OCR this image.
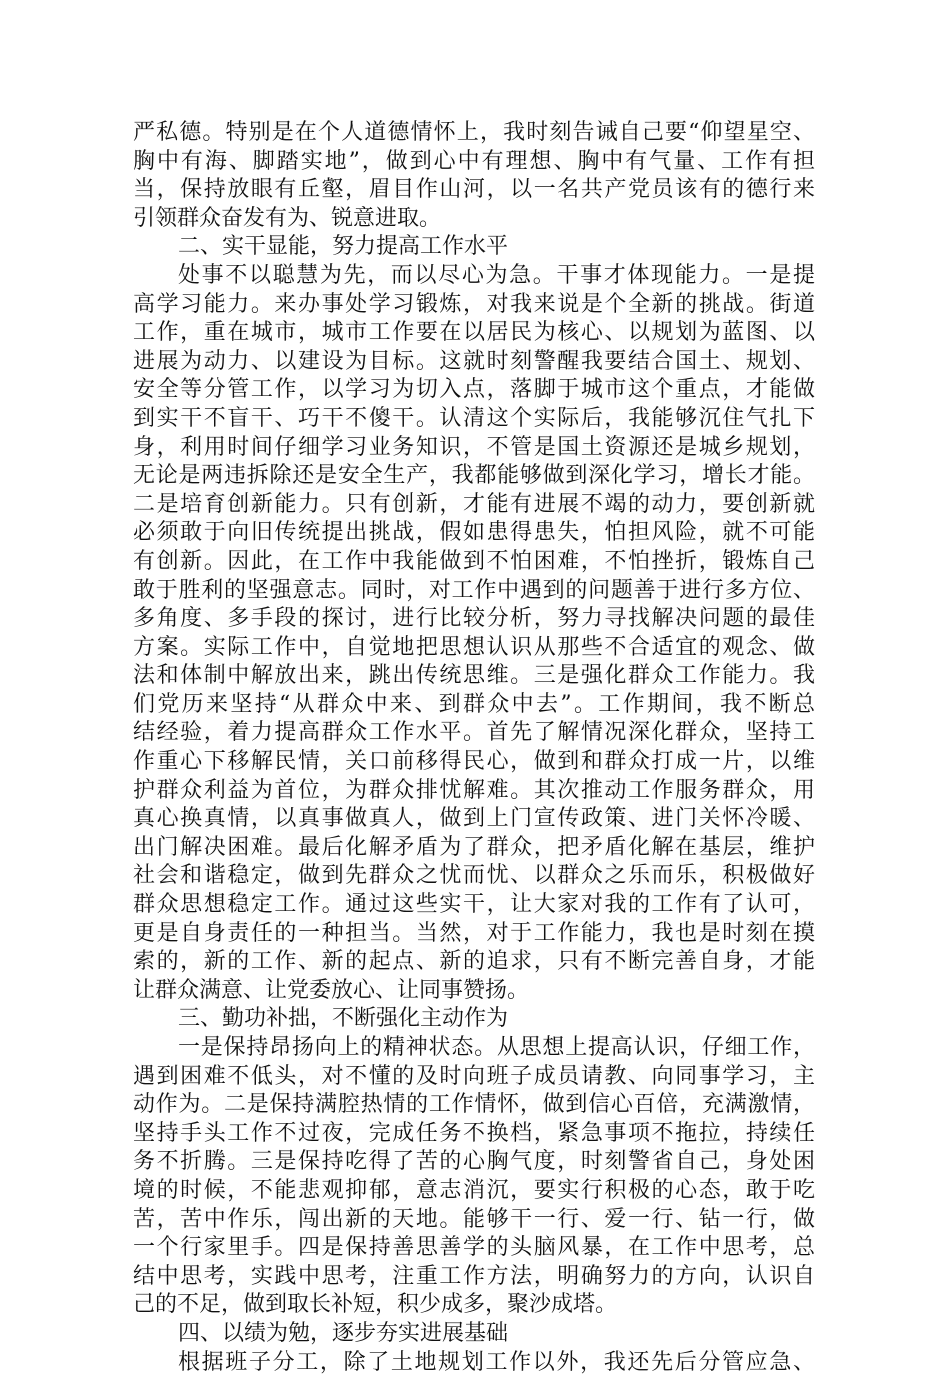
严私德。特别是在个人道德情怀上，我时刻告诫自己要“仰望星空、
胸中有海、脚踏实地”，做到心中有理想、胸中有气量、工作有担
当，保持放眼有丘壑，眉目作山河，以一名共产党员该有的德行来
引领群众奋发有为、锐意进取。
二、实干显能，努力提高工作水平
处事不以聪慧为先，而以尽心为急。干事才体现能力。一是提
高学习能力。来办事处学习锻炼，对我来说是个全新的挑战。街道
工作，重在城市，城市工作要在以居民为核心、以规划为蓝图、以
进展为动力、以建设为目标。这就时刻警醒我要结合国土、规划、
安全等分管工作，以学习为切入点，落脚于城市这个重点，才能做
到实干不盲干、巧干不傻干。认清这个实际后，我能够沉住气扎下
身，利用时间仔细学习业务知识，不管是国土资源还是城乡规划，
无论是两违拆除还是安全生产，我都能够做到深化学习，增长才能。
二是培育创新能力。只有创新，才能有进展不竭的动力，要创新就
必须敢于向旧传统提出挑战，假如患得患失，怕担风险，就不可能
有创新。因此，在工作中我能做到不怕困难，不怕挫折，锻炼自己
敢于胜利的坚强意志。同时，对工作中遇到的问题善于进行多方位、
多角度、多手段的探讨，进行比较分析，努力寻找解决问题的最佳
方案。实际工作中，自觉地把思想认识从那些不合适宜的观念、做
法和体制中解放出来，跳出传统思维。三是强化群众工作能力。我
们党历来坚持“从群众中来、到群众中去”。工作期间，我不断总
结经验，着力提高群众工作水平。首先了解情况深化群众，坚持工
作重心下移解民情，关口前移得民心，做到和群众打成一片，以维
护群众利益为首位，为群众排忧解难。其次推动工作服务群众，用
真心换真情，以真事做真人，做到上门宣传政策、进门关怀冷暖、
出门解决困难。最后化解矛盾为了群众，把矛盾化解在基层，维护
社会和谐稳定，做到先群众之忧而忧、以群众之乐而乐，积极做好
群众思想稳定工作。通过这些实干，让大家对我的工作有了认可，
更是自身责任的一种担当。当然，对于工作能力，我也是时刻在摸
索的，新的工作、新的起点、新的追求，只有不断完善自身，才能
让群众满意、让党委放心、让同事赞扬。
三、勤功补拙，不断强化主动作为
一是保持昂扬向上的精神状态。从思想上提高认识，仔细工作，
遇到困难不低头，对不懂的及时向班子成员请教、向同事学习，主
动作为。二是保持满腔热情的工作情怀，做到信心百倍，充满激情，
坚持手头工作不过夜，完成任务不换档，紧急事项不拖拉，持续任
务不折腾。三是保持吃得了苦的心胸气度，时刻警省自己，身处困
境的时候，不能悲观抑郁，意志消沉，要实行积极的心态，敢于吃
苦，苦中作乐，闯出新的天地。能够干一行、爱一行、钻一行，做
一个行家里手。四是保持善思善学的头脑风暴，在工作中思考，总
结中思考，实践中思考，注重工作方法，明确努力的方向，认识自
己的不足，做到取长补短，积少成多，聚沙成塔。
四、以绩为勉，逐步夯实进展基础
根据班子分工，除了土地规划工作以外，我还先后分管应急、
